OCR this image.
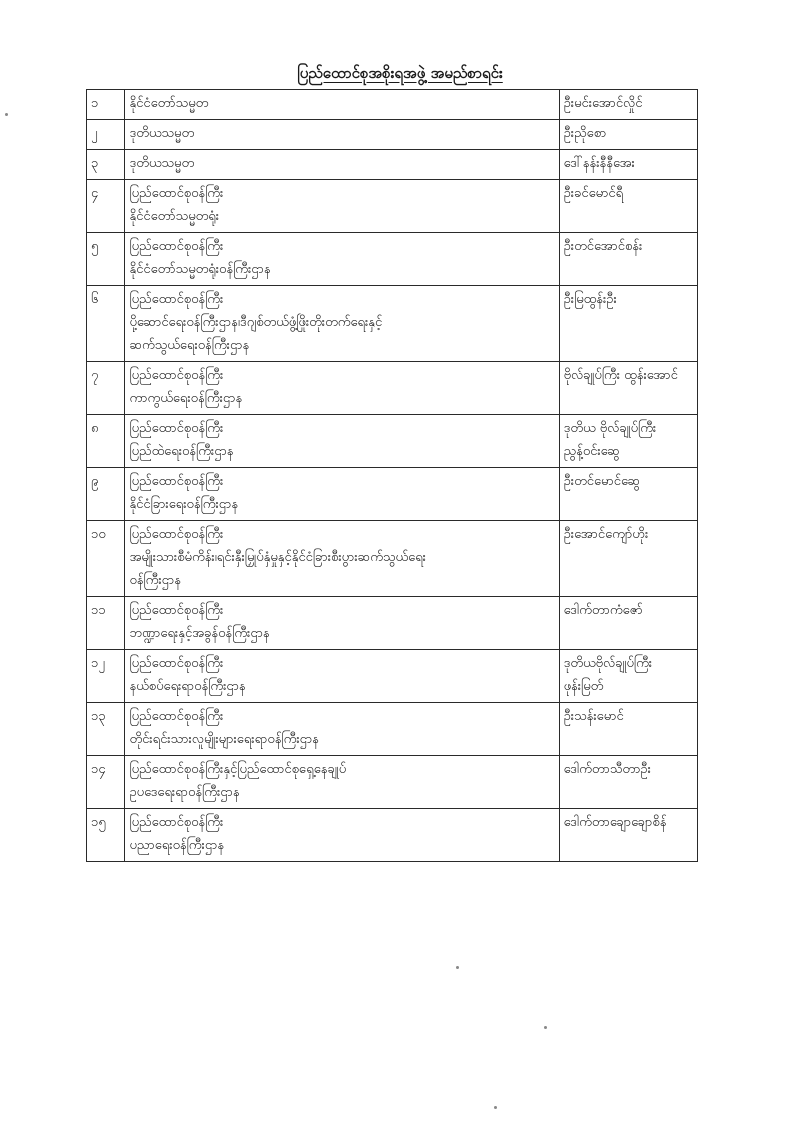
ပြည်ထောင်စုအစိုးရအဖွဲ့ အမည်စာရင်း
၁	နိုင်ငံတော်သမ္မတ	ဦးမင်းအောင်လှိုင်

၂	ဒုတိယသမ္မတ	ဦးညိုစော

၃	ဒုတိယသမ္မတ	ဒေါ်နန်းနီနီအေး

၄	ပြည်ထောင်စုဝန်ကြီး
နိုင်ငံတော်သမ္မတရုံး	ဦးခင်မောင်ရီ

၅	ပြည်ထောင်စုဝန်ကြီး
နိုင်ငံတော်သမ္မတရုံးဝန်ကြီးဌာန	ဦးတင်အောင်စန်း

၆	ပြည်ထောင်စုဝန်ကြီး
ပို့ဆောင်ရေးဝန်ကြီးဌာန၊ဒီဂျစ်တယ်ဖွံ့ဖြိုးတိုးတက်ရေးနှင့်
ဆက်သွယ်ရေးဝန်ကြီးဌာန	ဦးမြထွန်းဦး

၇	ပြည်ထောင်စုဝန်ကြီး
ကာကွယ်ရေးဝန်ကြီးဌာန	ဗိုလ်ချုပ်ကြီး ထွန်းအောင်

၈	ပြည်ထောင်စုဝန်ကြီး
ပြည်ထဲရေးဝန်ကြီးဌာန	ဒုတိယ ဗိုလ်ချုပ်ကြီး
ညွန့်ဝင်းဆွေ

၉	ပြည်ထောင်စုဝန်ကြီး
နိုင်ငံခြားရေးဝန်ကြီးဌာန	ဦးတင်မောင်ဆွေ

၁၀	ပြည်ထောင်စုဝန်ကြီး
အမျိုးသားစီမံကိန်း၊ရင်းနှီးမြှုပ်နှံမှုနှင့်နိုင်ငံခြားစီးပွားဆက်သွယ်ရေး
ဝန်ကြီးဌာန	ဦးအောင်ကျော်ဟိုး

၁၁	ပြည်ထောင်စုဝန်ကြီး
ဘဏ္ဍာရေးနှင့်အခွန်ဝန်ကြီးဌာန	ဒေါက်တာကံဇော်

၁၂	ပြည်ထောင်စုဝန်ကြီး
နယ်စပ်ရေးရာဝန်ကြီးဌာန	ဒုတိယဗိုလ်ချုပ်ကြီး
ဖုန်းမြတ်

၁၃	ပြည်ထောင်စုဝန်ကြီး
တိုင်းရင်းသားလူမျိုးများရေးရာဝန်ကြီးဌာန	ဦးသန်းမောင်

၁၄	ပြည်ထောင်စုဝန်ကြီးနှင့်ပြည်ထောင်စုရှေ့နေချုပ်
ဥပဒေရေးရာဝန်ကြီးဌာန	ဒေါက်တာသီတာဦး

၁၅	ပြည်ထောင်စုဝန်ကြီး
ပညာရေးဝန်ကြီးဌာန	ဒေါက်တာချောချောစိန်
